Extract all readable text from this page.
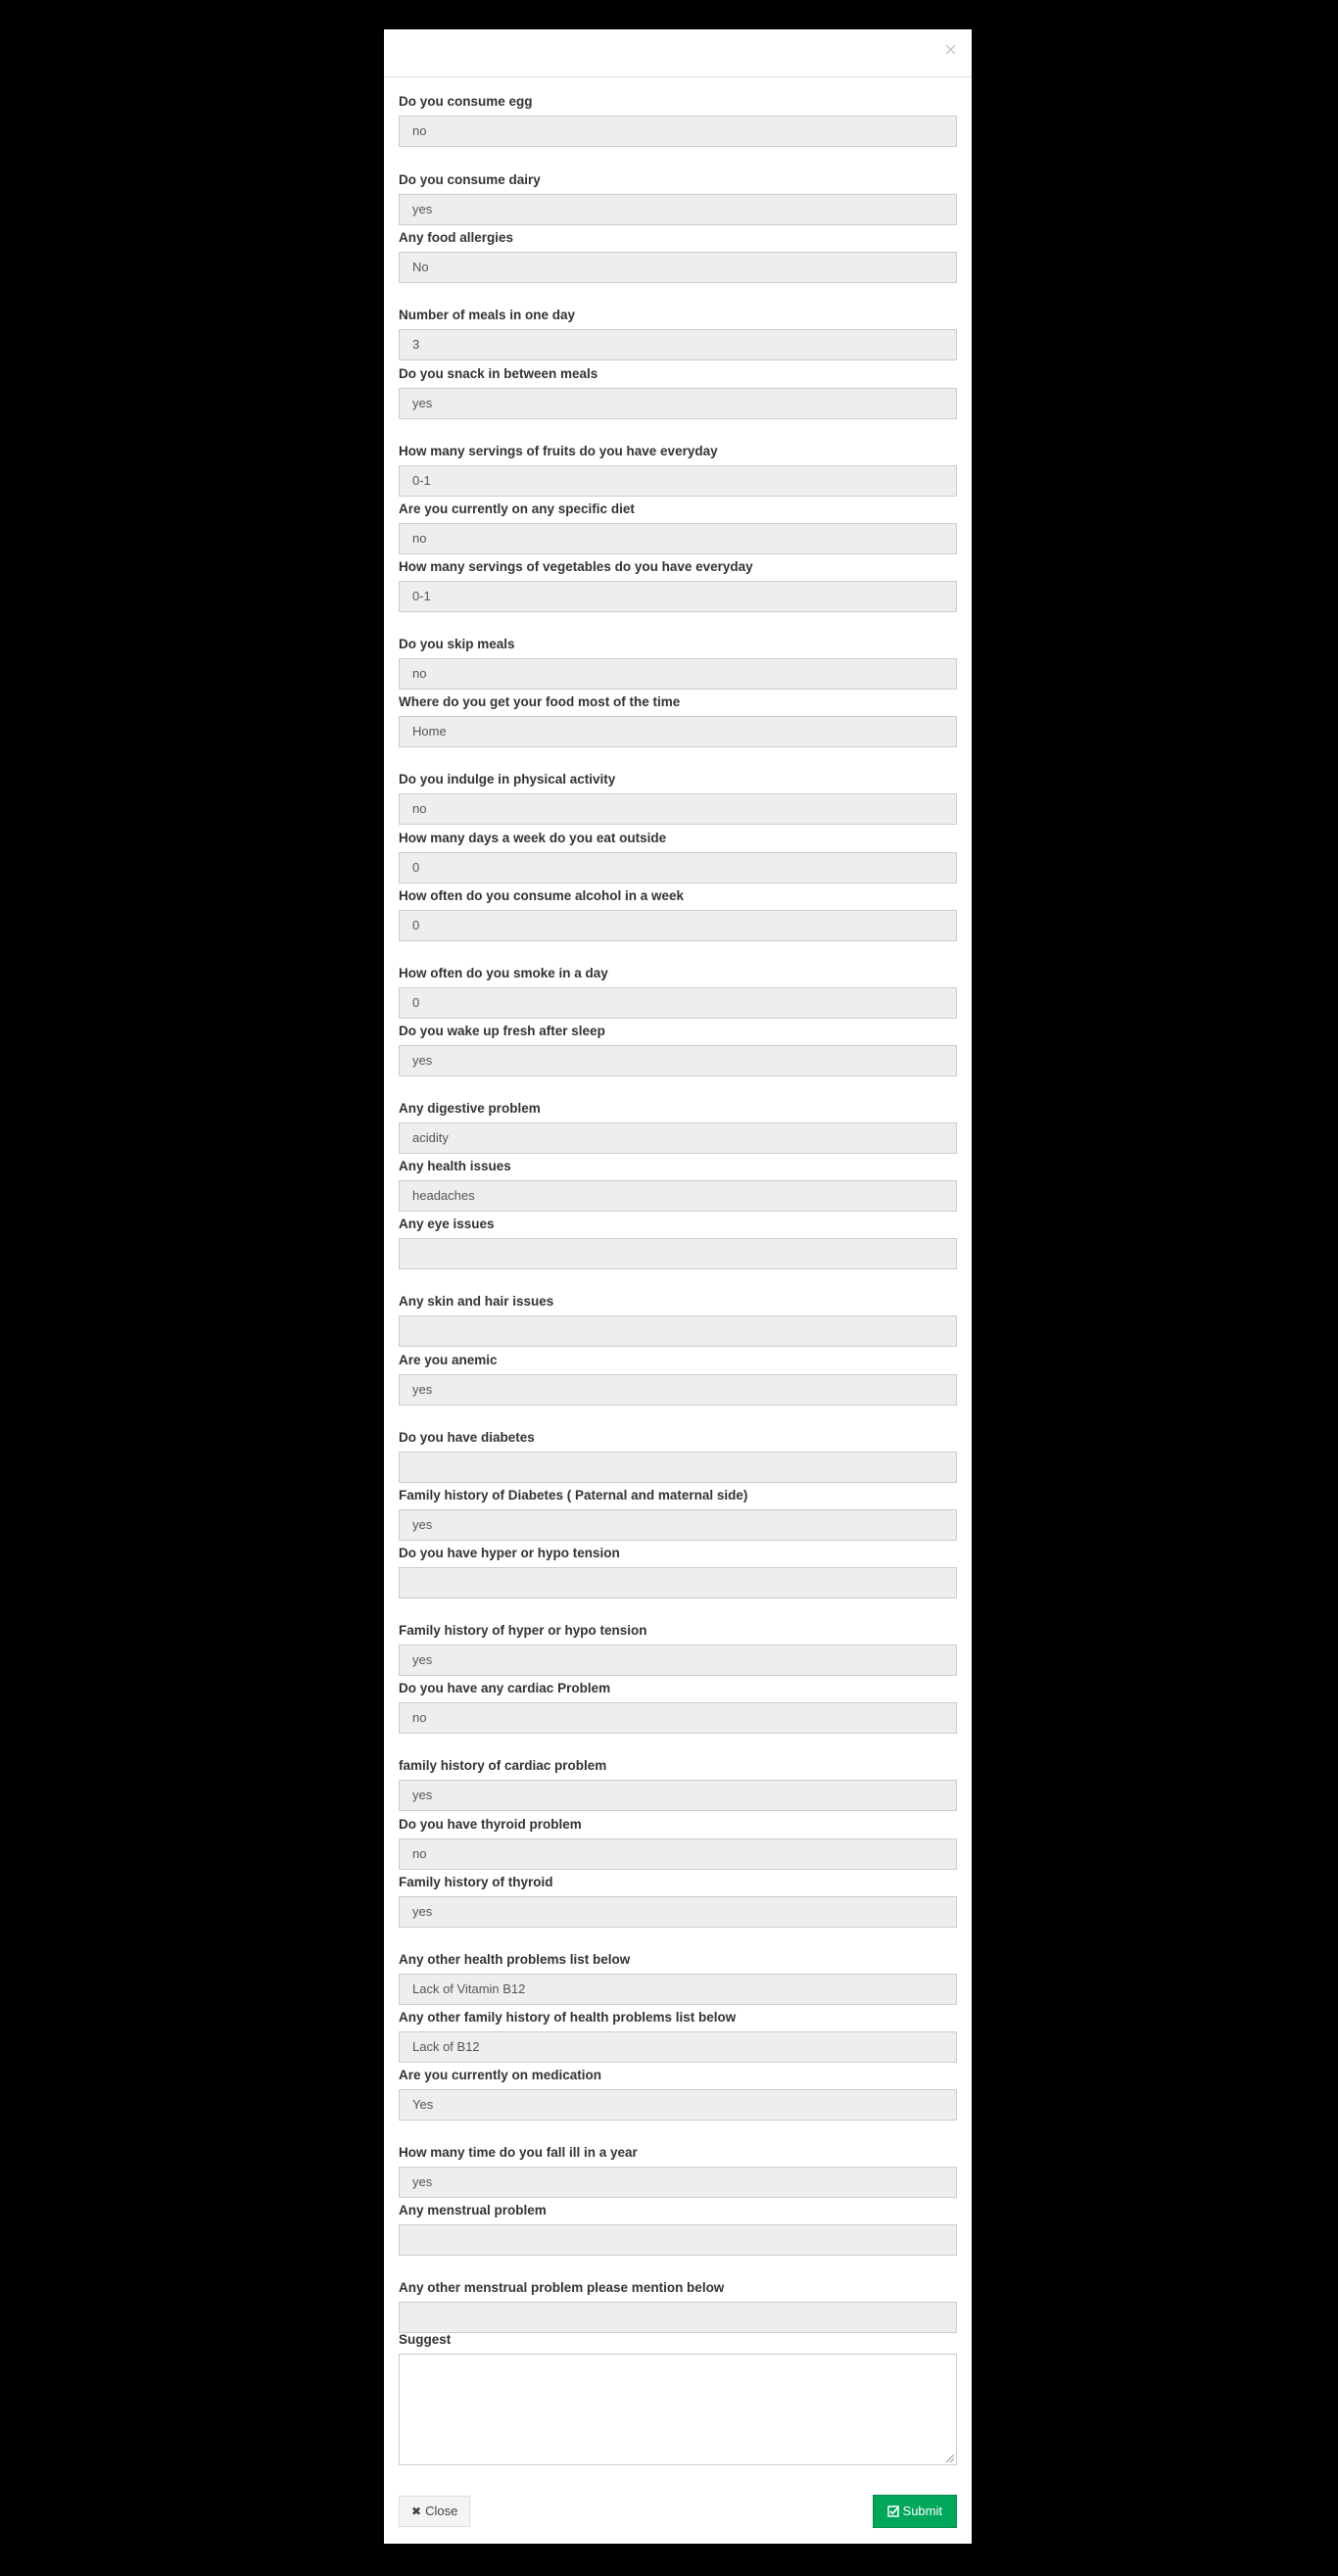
×
Do you consume egg
no
Do you consume dairy
yes
Any food allergies
No
Number of meals in one day
3
Do you snack in between meals
yes
How many servings of fruits do you have everyday
0-1
Are you currently on any specific diet
no
How many servings of vegetables do you have everyday
0-1
Do you skip meals
no
Where do you get your food most of the time
Home
Do you indulge in physical activity
no
How many days a week do you eat outside
0
How often do you consume alcohol in a week
0
How often do you smoke in a day
0
Do you wake up fresh after sleep
yes
Any digestive problem
acidity
Any health issues
headaches
Any eye issues
Any skin and hair issues
Are you anemic
yes
Do you have diabetes
Family history of Diabetes ( Paternal and maternal side)
yes
Do you have hyper or hypo tension
Family history of hyper or hypo tension
yes
Do you have any cardiac Problem
no
family history of cardiac problem
yes
Do you have thyroid problem
no
Family history of thyroid
yes
Any other health problems list below
Lack of Vitamin B12
Any other family history of health problems list below
Lack of B12
Are you currently on medication
Yes
How many time do you fall ill in a year
yes
Any menstrual problem
Any other menstrual problem please mention below
Suggest
✖ Close	Submit
